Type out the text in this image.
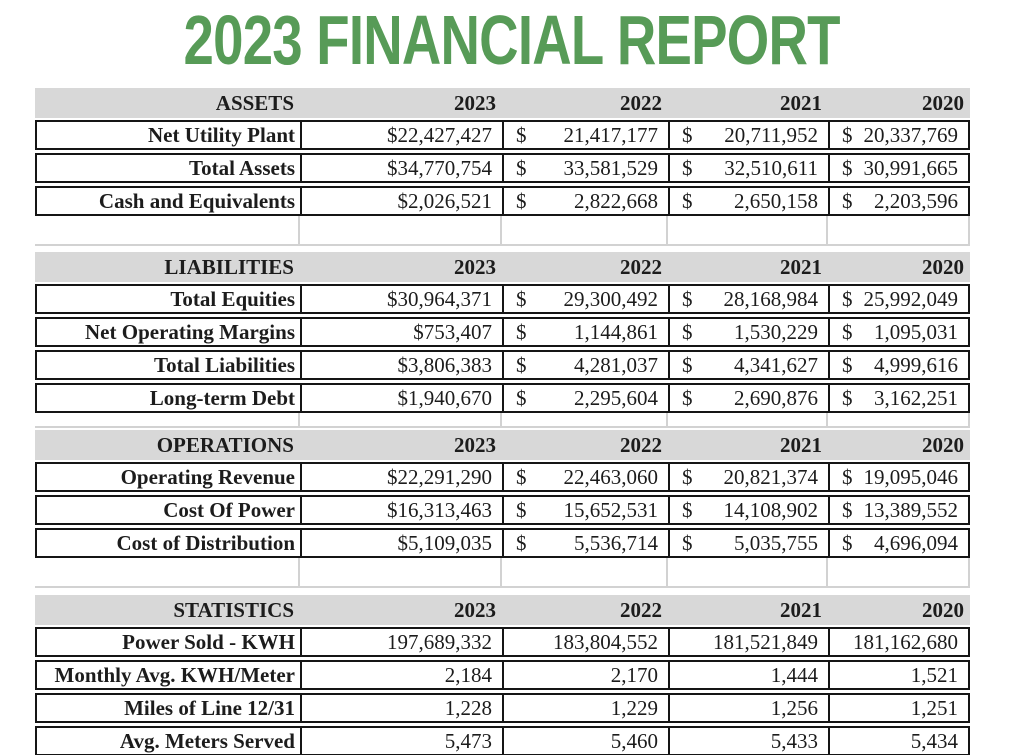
2023 FINANCIAL REPORT
ASSETS	2023	2022	2021	2020
Net Utility Plant	$22,427,427	$ 21,417,177 $ 20,711,952 $ 20,337,769
Total Assets	$34,770,754	$ 33,581,529 $ 32,510,611 $ 30,991,665
Cash and Equivalents	$2,026,521	$ 2,822,668 $ 2,650,158 $ 2,203,596
LIABILITIES	2023	2022	2021	2020
Total Equities	$30,964,371	$ 29,300,492 $ 28,168,984 $ 25,992,049
Net Operating Margins	$753,407	$ 1,144,861 $ 1,530,229 $ 1,095,031
Total Liabilities	$3,806,383	$ 4,281,037 $ 4,341,627 $ 4,999,616
Long-term Debt	$1,940,670	$ 2,295,604 $ 2,690,876 $ 3,162,251
OPERATIONS	2023	2022	2021	2020
Operating Revenue	$22,291,290	$ 22,463,060 $ 20,821,374 $ 19,095,046
Cost Of Power	$16,313,463	$ 15,652,531 $ 14,108,902 $ 13,389,552
Cost of Distribution	$5,109,035	$ 5,536,714 $ 5,035,755 $ 4,696,094
STATISTICS	2023	2022	2021	2020
Power Sold - KWH	197,689,332	183,804,552	181,521,849	181,162,680
Monthly Avg. KWH/Meter	2,184	2,170	1,444	1,521
Miles of Line 12/31	1,228	1,229	1,256	1,251
Avg. Meters Served	5,473	5,460	5,433	5,434
